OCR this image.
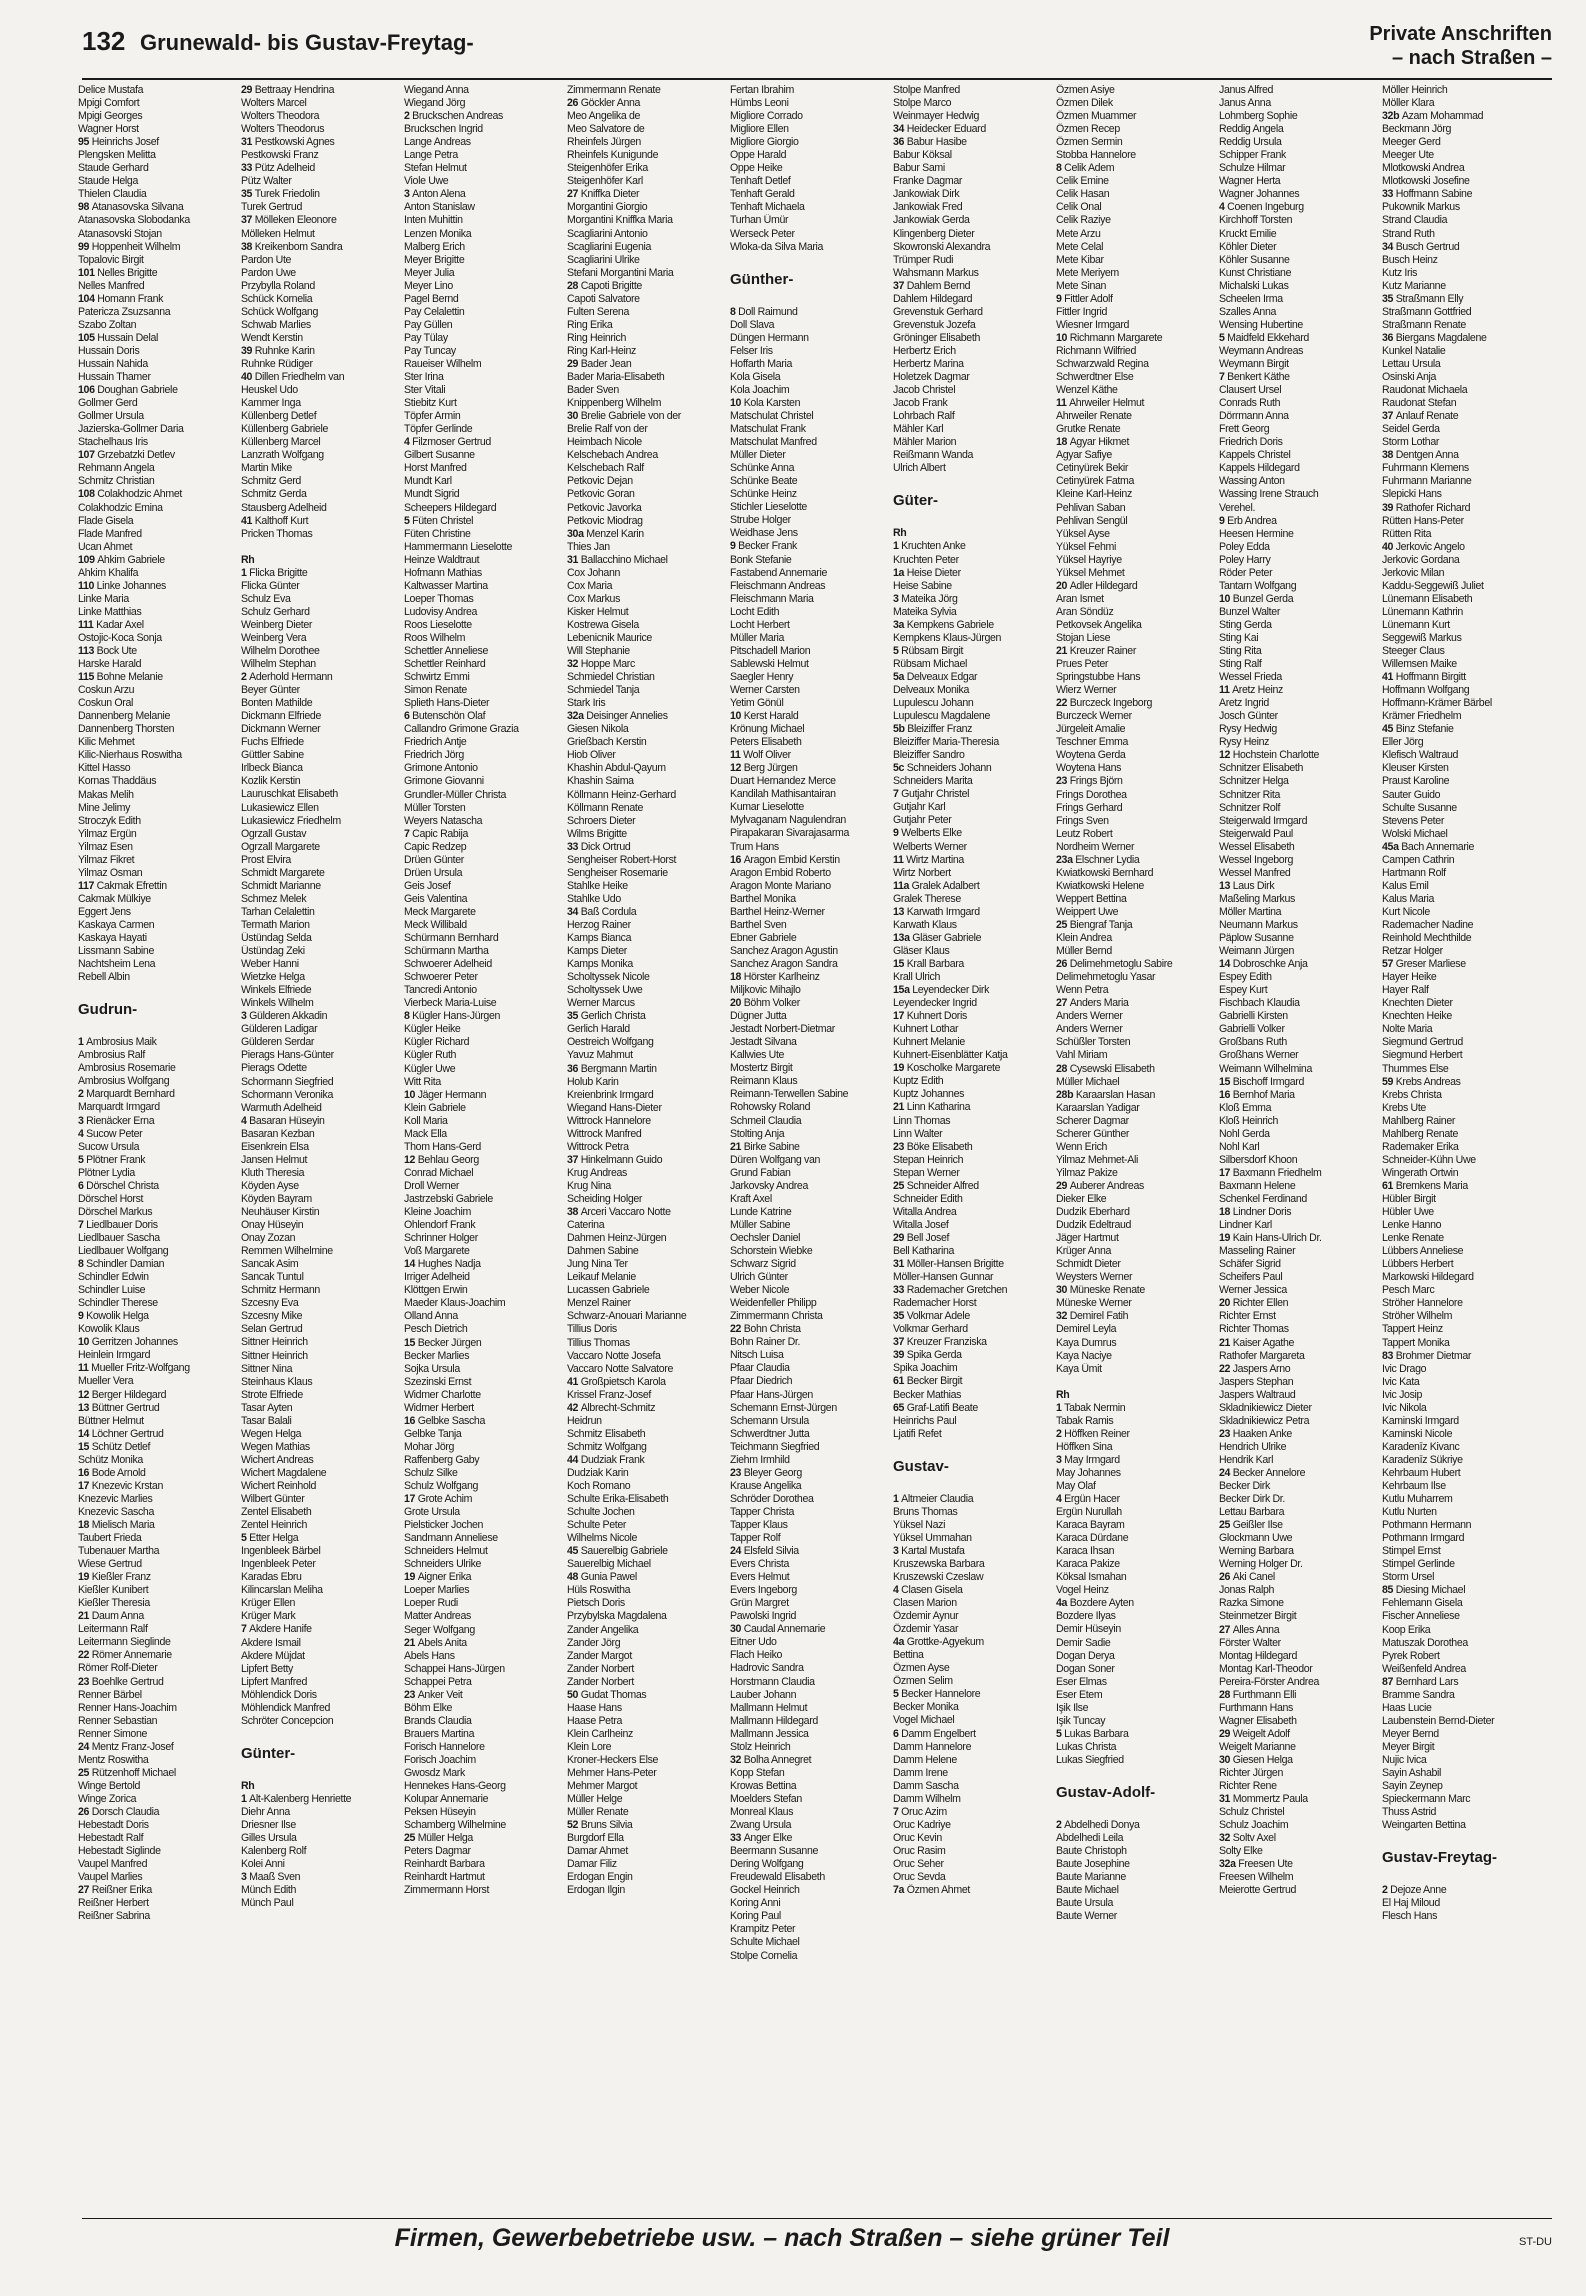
132 Grunewald- bis Gustav-Freytag-	Private Anschriften
– nach Straßen –
Delice Mustafa
Mpigi Comfort
Mpigi Georges
Wagner Horst
95 Heinrichs Josef
Plengsken Melitta
Staude Gerhard
Staude Helga
Thielen Claudia
98 Atanasovska Silvana
Atanasovska Slobodanka
Atanasovski Stojan
99 Hoppenheit Wilhelm
Topalovic Birgit
101 Nelles Brigitte
Nelles Manfred
104 Homann Frank
Patericza Zsuzsanna
Szabo Zoltan
105 Hussain Delal
Hussain Doris
Hussain Nahida
Hussain Thamer
106 Doughan Gabriele
Gollmer Gerd
Gollmer Ursula
Jazierska-Gollmer Daria
Stachelhaus Iris
107 Grzebatzki Detlev
Rehmann Angela
Schmitz Christian
108 Colakhodzic Ahmet
Colakhodzic Emina
Flade Gisela
Flade Manfred
Ucan Ahmet
109 Ahkim Gabriele
Ahkim Khalifa
110 Linke Johannes
Linke Maria
Linke Matthias
111 Kadar Axel
Ostojic-Koca Sonja
113 Bock Ute
Harske Harald
115 Bohne Melanie
Coskun Arzu
Coskun Oral
Dannenberg Melanie
Dannenberg Thorsten
Kilic Mehmet
Kilic-Nierhaus Roswitha
Kittel Hasso
Kornas Thaddäus
Makas Melih
Mine Jelimy
Stroczyk Edith
Yilmaz Ergün
Yilmaz Esen
Yilmaz Fikret
Yilmaz Osman
117 Cakmak Efrettin
Cakmak Mülkiye
Eggert Jens
Kaskaya Carmen
Kaskaya Hayati
Lissmann Sabine
Nachtsheim Lena
Rebell Albin
Gudrun-
1 Ambrosius Maik
Ambrosius Ralf
Ambrosius Rosemarie
Ambrosius Wolfgang
2 Marquardt Bernhard
Marquardt Irmgard
3 Rienäcker Erna
4 Sucow Peter
Sucow Ursula
5 Plötner Frank
Plötner Lydia
6 Dörschel Christa
Dörschel Horst
Dörschel Markus
7 Liedlbauer Doris
Liedlbauer Sascha
Liedlbauer Wolfgang
8 Schindler Damian
Schindler Edwin
Schindler Luise
Schindler Therese
9 Kowolik Helga
Kowolik Klaus
10 Gerritzen Johannes
Heinlein Irmgard
11 Mueller Fritz-Wolfgang
Mueller Vera
12 Berger Hildegard
13 Büttner Gertrud
Büttner Helmut
14 Löchner Gertrud
15 Schütz Detlef
Schütz Monika
16 Bode Arnold
17 Knezevic Krstan
Knezevic Marlies
Knezevic Sascha
18 Mielisch Maria
Taubert Frieda
Tubenauer Martha
Wiese Gertrud
19 Kießler Franz
Kießler Kunibert
Kießler Theresia
21 Daum Anna
Leitermann Ralf
Leitermann Sieglinde
22 Römer Annemarie
Römer Rolf-Dieter
23 Boehlke Gertrud
Renner Bärbel
Renner Hans-Joachim
Renner Sebastian
Renner Simone
24 Mentz Franz-Josef
Mentz Roswitha
25 Rützenhoff Michael
Winge Bertold
Winge Zorica
26 Dorsch Claudia
Hebestadt Doris
Hebestadt Ralf
Hebestadt Siglinde
Vaupel Manfred
Vaupel Marlies
27 Reißner Erika
Reißner Herbert
Reißner Sabrina
29 Bettraay Hendrina
Wolters Marcel
Wolters Theodora
Wolters Theodorus
31 Pestkowski Agnes
Pestkowski Franz
33 Pütz Adelheid
Pütz Walter
35 Turek Friedolin
Turek Gertrud
37 Mölleken Eleonore
Mölleken Helmut
38 Kreikenbom Sandra
Pardon Ute
Pardon Uwe
Przybylla Roland
Schück Kornelia
Schück Wolfgang
Schwab Marlies
Wendt Kerstin
39 Ruhnke Karin
Ruhnke Rüdiger
40 Dillen Friedhelm van
Heuskel Udo
Kammer Inga
Küllenberg Detlef
Küllenberg Gabriele
Küllenberg Marcel
Lanzrath Wolfgang
Martin Mike
Schmitz Gerd
Schmitz Gerda
Stausberg Adelheid
41 Kalthoff Kurt
Pricken Thomas
Rh
1 Flicka Brigitte
Flicka Günter
Schulz Eva
Schulz Gerhard
Weinberg Dieter
Weinberg Vera
Wilhelm Dorothee
Wilhelm Stephan
2 Aderhold Hermann
Beyer Günter
Bonten Mathilde
Dickmann Elfriede
Dickmann Werner
Fuchs Elfriede
Güttler Sabine
Irlbeck Bianca
Kozlik Kerstin
Lauruschkat Elisabeth
Lukasiewicz Ellen
Lukasiewicz Friedhelm
Ogrzall Gustav
Ogrzall Margarete
Prost Elvira
Schmidt Margarete
Schmidt Marianne
Schmez Melek
Tarhan Celalettin
Termath Marion
Üstündag Selda
Üstündag Zeki
Weber Hanni
Wietzke Helga
Winkels Elfriede
Winkels Wilhelm
3 Gülderen Akkadin
Gülderen Ladigar
Gülderen Serdar
Pierags Hans-Günter
Pierags Odette
Schormann Siegfried
Schormann Veronika
Warmuth Adelheid
4 Basaran Hüseyin
Basaran Kezban
Eisenkrein Elsa
Jansen Helmut
Kluth Theresia
Köyden Ayse
Köyden Bayram
Neuhäuser Kirstin
Onay Hüseyin
Onay Zozan
Remmen Wilhelmine
Sancak Asim
Sancak Tuntul
Schmitz Hermann
Szcesny Eva
Szcesny Mike
Selan Gertrud
Sittner Heinrich
Sittner Heinrich
Sittner Nina
Steinhaus Klaus
Strote Elfriede
Tasar Ayten
Tasar Balali
Wegen Helga
Wegen Mathias
Wichert Andreas
Wichert Magdalene
Wichert Reinhold
Wilbert Günter
Zentel Elisabeth
Zentel Heinrich
5 Etter Helga
Ingenbleek Bärbel
Ingenbleek Peter
Karadas Ebru
Kilincarslan Meliha
Krüger Ellen
Krüger Mark
7 Akdere Hanife
Akdere Ismail
Akdere Müjdat
Lipfert Betty
Lipfert Manfred
Möhlendick Doris
Möhlendick Manfred
Schröter Concepcion
Günter-
Rh
1 Alt-Kalenberg Henriette
Diehr Anna
Driesner Ilse
Gilles Ursula
Kalenberg Rolf
Kolei Anni
3 Maaß Sven
Münch Edith
Münch Paul
Wiegand Anna
Wiegand Jörg
2 Bruckschen Andreas
Bruckschen Ingrid
Lange Andreas
Lange Petra
Stefan Helmut
Viole Uwe
3 Anton Alena
Anton Stanislaw
Inten Muhittin
Lenzen Monika
Malberg Erich
Meyer Brigitte
Meyer Julia
Meyer Lino
Pagel Bernd
Pay Celalettin
Pay Güllen
Pay Tülay
Pay Tuncay
Raueiser Wilhelm
Ster Irina
Ster Vitali
Stiebitz Kurt
Töpfer Armin
Töpfer Gerlinde
4 Filzmoser Gertrud
Gilbert Susanne
Horst Manfred
Mundt Karl
Mundt Sigrid
Scheepers Hildegard
5 Füten Christel
Füten Christine
Hammermann Lieselotte
Heinze Waldtraut
Hofmann Mathias
Kaltwasser Martina
Loeper Thomas
Ludovisy Andrea
Roos Lieselotte
Roos Wilhelm
Schettler Anneliese
Schettler Reinhard
Schwirtz Emmi
Simon Renate
Splieth Hans-Dieter
6 Butenschön Olaf
Callandro Grimone Grazia
Friedrich Antje
Friedrich Jörg
Grimone Antonio
Grimone Giovanni
Grundler-Müller Christa
Müller Torsten
Weyers Natascha
7 Capic Rabija
Capic Redzep
Drüen Günter
Drüen Ursula
Geis Josef
Geis Valentina
Meck Margarete
Meck Willibald
Schürmann Bernhard
Schürmann Martha
Schwoerer Adelheid
Schwoerer Peter
Tancredi Antonio
Vierbeck Maria-Luise
8 Kügler Hans-Jürgen
Kügler Heike
Kügler Richard
Kügler Ruth
Kügler Uwe
Witt Rita
10 Jäger Hermann
Klein Gabriele
Koll Maria
Mack Ella
Thom Hans-Gerd
12 Behlau Georg
Conrad Michael
Droll Werner
Jastrzebski Gabriele
Kleine Joachim
Ohlendorf Frank
Schrinner Holger
Voß Margarete
14 Hughes Nadja
Irriger Adelheid
Klöttgen Erwin
Maeder Klaus-Joachim
Olland Anna
Pesch Dietrich
15 Becker Jürgen
Becker Marlies
Sojka Ursula
Szezinski Ernst
Widmer Charlotte
Widmer Herbert
16 Gelbke Sascha
Gelbke Tanja
Mohar Jörg
Raffenberg Gaby
Schulz Silke
Schulz Wolfgang
17 Grote Achim
Grote Ursula
Pielsticker Jochen
Sandmann Anneliese
Schneiders Helmut
Schneiders Ulrike
19 Aigner Erika
Loeper Marlies
Loeper Rudi
Matter Andreas
Seger Wolfgang
21 Abels Anita
Abels Hans
Schappei Hans-Jürgen
Schappei Petra
23 Anker Veit
Böhm Elke
Brands Claudia
Brauers Martina
Forisch Hannelore
Forisch Joachim
Gwosdz Mark
Hennekes Hans-Georg
Kolupar Annemarie
Peksen Hüseyin
Schamberg Wilhelmine
25 Müller Helga
Peters Dagmar
Reinhardt Barbara
Reinhardt Hartmut
Zimmermann Horst
Zimmermann Renate
26 Göckler Anna
Meo Angelika de
Meo Salvatore de
Rheinfels Jürgen
Rheinfels Kunigunde
Steigenhöfer Erika
Steigenhöfer Karl
27 Kniffka Dieter
Morgantini Giorgio
Morgantini Kniffka Maria
Scagliarini Antonio
Scagliarini Eugenia
Scagliarini Ulrike
Stefani Morgantini Maria
28 Capoti Brigitte
Capoti Salvatore
Fulten Serena
Ring Erika
Ring Heinrich
Ring Karl-Heinz
29 Bader Jean
Bader Maria-Elisabeth
Bader Sven
Knippenberg Wilhelm
30 Brelie Gabriele von der
Brelie Ralf von der
Heimbach Nicole
Kelschebach Andrea
Kelschebach Ralf
Petkovic Dejan
Petkovic Goran
Petkovic Javorka
Petkovic Miodrag
30a Menzel Karin
Thies Jan
31 Ballacchino Michael
Cox Johann
Cox Maria
Cox Markus
Kisker Helmut
Kostrewa Gisela
Lebenicnik Maurice
Will Stephanie
32 Hoppe Marc
Schmiedel Christian
Schmiedel Tanja
Stark Iris
32a Deisinger Annelies
Giesen Nikola
Grießbach Kerstin
Hiob Oliver
Khashin Abdul-Qayum
Khashin Saima
Köllmann Heinz-Gerhard
Köllmann Renate
Schroers Dieter
Wilms Brigitte
33 Dick Ortrud
Sengheiser Robert-Horst
Sengheiser Rosemarie
Stahlke Heike
Stahlke Udo
34 Baß Cordula
Herzog Rainer
Kamps Bianca
Kamps Dieter
Kamps Monika
Scholtyssek Nicole
Scholtyssek Uwe
Werner Marcus
35 Gerlich Christa
Gerlich Harald
Oestreich Wolfgang
Yavuz Mahmut
36 Bergmann Martin
Holub Karin
Kreienbrink Irmgard
Wiegand Hans-Dieter
Wittrock Hannelore
Wittrock Manfred
Wittrock Petra
37 Hinkelmann Guido
Krug Andreas
Krug Nina
Scheiding Holger
38 Arceri Vaccaro Notte
Caterina
Dahmen Heinz-Jürgen
Dahmen Sabine
Jung Nina Ter
Leikauf Melanie
Lucassen Gabriele
Menzel Rainer
Schwarz-Anouari Marianne
Tillius Doris
Tillius Thomas
Vaccaro Notte Josefa
Vaccaro Notte Salvatore
41 Großpietsch Karola
Krissel Franz-Josef
42 Albrecht-Schmitz
Heidrun
Schmitz Elisabeth
Schmitz Wolfgang
44 Dudziak Frank
Dudziak Karin
Koch Romano
Schulte Erika-Elisabeth
Schulte Jochen
Schulte Peter
Wilhelms Nicole
45 Sauerelbig Gabriele
Sauerelbig Michael
48 Gunia Pawel
Hüls Roswitha
Pietsch Doris
Przybylska Magdalena
Zander Angelika
Zander Jörg
Zander Margot
Zander Norbert
Zander Norbert
50 Gudat Thomas
Haase Hans
Haase Petra
Klein Carlheinz
Klein Lore
Kroner-Heckers Else
Mehmer Hans-Peter
Mehmer Margot
Müller Helge
Müller Renate
52 Bruns Silvia
Burgdorf Ella
Damar Ahmet
Damar Filiz
Erdogan Engin
Erdogan Ilgin
Fertan Ibrahim
Hümbs Leoni
Migliore Corrado
Migliore Ellen
Migliore Giorgio
Oppe Harald
Oppe Heike
Tenhaft Detlef
Tenhaft Gerald
Tenhaft Michaela
Turhan Ümür
Werseck Peter
Wloka-da Silva Maria
Günther-
8 Doll Raimund
Doll Slava
Düngen Hermann
Felser Iris
Hoffarth Maria
Kola Gisela
Kola Joachim
10 Kola Karsten
Matschulat Christel
Matschulat Frank
Matschulat Manfred
Müller Dieter
Schünke Anna
Schünke Beate
Schünke Heinz
Stichler Lieselotte
Strube Holger
Weidhase Jens
9 Becker Frank
Bonk Stefanie
Fastabend Annemarie
Fleischmann Andreas
Fleischmann Maria
Locht Edith
Locht Herbert
Müller Maria
Pitschadell Marion
Sablewski Helmut
Saegler Henry
Werner Carsten
Yetim Gönül
10 Kerst Harald
Krönung Michael
Peters Elisabeth
11 Wolf Oliver
12 Berg Jürgen
Duart Hernandez Merce
Kandilah Mathisantairan
Kumar Lieselotte
Mylvaganam Nagulendran
Pirapakaran Sivarajasarma
Trum Hans
16 Aragon Embid Kerstin
Aragon Embid Roberto
Aragon Monte Mariano
Barthel Monika
Barthel Heinz-Werner
Barthel Sven
Ebner Gabriele
Sanchez Aragon Agustin
Sanchez Aragon Sandra
18 Hörster Karlheinz
Miljkovic Mihajlo
20 Böhm Volker
Dügner Jutta
Jestadt Norbert-Dietmar
Jestadt Silvana
Kallwies Ute
Mostertz Birgit
Reimann Klaus
Reimann-Terwellen Sabine
Rohowsky Roland
Schmeil Claudia
Stolting Anja
21 Birke Sabine
Düren Wolfgang van
Grund Fabian
Jarkovsky Andrea
Kraft Axel
Lunde Katrine
Müller Sabine
Oechsler Daniel
Schorstein Wiebke
Schwarz Sigrid
Ulrich Günter
Weber Nicole
Weidenfeller Philipp
Zimmermann Christa
22 Bohn Christa
Bohn Rainer Dr.
Nitsch Luisa
Pfaar Claudia
Pfaar Diedrich
Pfaar Hans-Jürgen
Schemann Ernst-Jürgen
Schemann Ursula
Schwerdtner Jutta
Teichmann Siegfried
Ziehm Irmhild
23 Bleyer Georg
Krause Angelika
Schröder Dorothea
Tapper Christa
Tapper Klaus
Tapper Rolf
24 Elsfeld Silvia
Evers Christa
Evers Helmut
Evers Ingeborg
Grün Margret
Pawolski Ingrid
30 Caudal Annemarie
Eitner Udo
Flach Heiko
Hadrovic Sandra
Horstmann Claudia
Lauber Johann
Mallmann Helmut
Mallmann Hildegard
Mallmann Jessica
Stolz Heinrich
32 Bolha Annegret
Kopp Stefan
Krowas Bettina
Moelders Stefan
Monreal Klaus
Zwang Ursula
33 Anger Elke
Beermann Susanne
Dering Wolfgang
Freudewald Elisabeth
Gockel Heinrich
Koring Anni
Koring Paul
Krampitz Peter
Schulte Michael
Stolpe Cornelia
Stolpe Manfred
Stolpe Marco
Weinmayer Hedwig
34 Heidecker Eduard
36 Babur Hasibe
Babur Köksal
Babur Sami
Franke Dagmar
Jankowiak Dirk
Jankowiak Fred
Jankowiak Gerda
Klingenberg Dieter
Skowronski Alexandra
Trümper Rudi
Wahsmann Markus
37 Dahlem Bernd
Dahlem Hildegard
Grevenstuk Gerhard
Grevenstuk Jozefa
Gröninger Elisabeth
Herbertz Erich
Herbertz Marina
Holetzek Dagmar
Jacob Christel
Jacob Frank
Lohrbach Ralf
Mähler Karl
Mähler Marion
Reißmann Wanda
Ulrich Albert
Güter-
Rh
1 Kruchten Anke
Kruchten Peter
1a Heise Dieter
Heise Sabine
3 Mateika Jörg
Mateika Sylvia
3a Kempkens Gabriele
Kempkens Klaus-Jürgen
5 Rübsam Birgit
Rübsam Michael
5a Delveaux Edgar
Delveaux Monika
Lupulescu Johann
Lupulescu Magdalene
5b Bleiziffer Franz
Bleiziffer Maria-Theresia
Bleiziffer Sandro
5c Schneiders Johann
Schneiders Marita
7 Gutjahr Christel
Gutjahr Karl
Gutjahr Peter
9 Welberts Elke
Welberts Werner
11 Wirtz Martina
Wirtz Norbert
11a Gralek Adalbert
Gralek Therese
13 Karwath Irmgard
Karwath Klaus
13a Gläser Gabriele
Gläser Klaus
15 Krall Barbara
Krall Ulrich
15a Leyendecker Dirk
Leyendecker Ingrid
17 Kuhnert Doris
Kuhnert Lothar
Kuhnert Melanie
Kuhnert-Eisenblätter Katja
19 Koscholke Margarete
Kuptz Edith
Kuptz Johannes
21 Linn Katharina
Linn Thomas
Linn Walter
23 Böke Elisabeth
Stepan Heinrich
Stepan Werner
25 Schneider Alfred
Schneider Edith
Witalla Andrea
Witalla Josef
29 Bell Josef
Bell Katharina
31 Möller-Hansen Brigitte
Möller-Hansen Gunnar
33 Rademacher Gretchen
Rademacher Horst
35 Volkmar Adele
Volkmar Gerhard
37 Kreuzer Franziska
39 Spika Gerda
Spika Joachim
61 Becker Birgit
Becker Mathias
65 Graf-Latifi Beate
Heinrichs Paul
Ljatifi Refet
Gustav-
1 Altmeier Claudia
Bruns Thomas
Yüksel Nazi
Yüksel Ummahan
3 Kartal Mustafa
Kruszewska Barbara
Kruszewski Czeslaw
4 Clasen Gisela
Clasen Marion
Özdemir Aynur
Özdemir Yasar
4a Grottke-Agyekum
Bettina
Özmen Ayse
Özmen Selim
5 Becker Hannelore
Becker Monika
Vogel Michael
6 Damm Engelbert
Damm Hannelore
Damm Helene
Damm Irene
Damm Sascha
Damm Wilhelm
7 Oruc Azim
Oruc Kadriye
Oruc Kevin
Oruc Rasim
Oruc Seher
Oruc Sevda
7a Özmen Ahmet
Özmen Asiye
Özmen Dilek
Özmen Muammer
Özmen Recep
Özmen Sermin
Stobba Hannelore
8 Celik Adem
Celik Emine
Celik Hasan
Celik Onal
Celik Raziye
Mete Arzu
Mete Celal
Mete Kibar
Mete Meriyem
Mete Sinan
9 Fittler Adolf
Fittler Ingrid
Wiesner Irmgard
10 Richmann Margarete
Richmann Wilfried
Schwarzwald Regina
Schwerdtner Else
Wenzel Käthe
11 Ahrweiler Helmut
Ahrweiler Renate
Grutke Renate
18 Agyar Hikmet
Agyar Safiye
Cetinyürek Bekir
Cetinyürek Fatma
Kleine Karl-Heinz
Pehlivan Saban
Pehlivan Sengül
Yüksel Ayse
Yüksel Fehmi
Yüksel Hayriye
Yüksel Mehmet
20 Adler Hildegard
Aran Ismet
Aran Söndüz
Petkovsek Angelika
Stojan Liese
21 Kreuzer Rainer
Prues Peter
Springstubbe Hans
Wierz Werner
22 Burczeck Ingeborg
Burczeck Werner
Jürgeleit Amalie
Teschner Emma
Woytena Gerda
Woytena Hans
23 Frings Björn
Frings Dorothea
Frings Gerhard
Frings Sven
Leutz Robert
Nordheim Werner
23a Elschner Lydia
Kwiatkowski Bernhard
Kwiatkowski Helene
Weppert Bettina
Weippert Uwe
25 Biengraf Tanja
Klein Andrea
Müller Bernd
26 Delimehmetoglu Sabire
Delimehmetoglu Yasar
Wenn Petra
27 Anders Maria
Anders Werner
Anders Werner
Schüßler Torsten
Vahl Miriam
28 Cysewski Elisabeth
Müller Michael
28b Karaarslan Hasan
Karaarslan Yadigar
Scherer Dagmar
Scherer Günther
Wenn Erich
Yilmaz Mehmet-Ali
Yilmaz Pakize
29 Auberer Andreas
Dieker Elke
Dudzik Eberhard
Dudzik Edeltraud
Jäger Hartmut
Krüger Anna
Schmidt Dieter
Weysters Werner
30 Müneske Renate
Müneske Werner
32 Demirel Fatih
Demirel Leyla
Kaya Dumrus
Kaya Naciye
Kaya Ümit
Rh
1 Tabak Nermin
Tabak Ramis
2 Höffken Reiner
Höffken Sina
3 May Irmgard
May Johannes
May Olaf
4 Ergün Hacer
Ergün Nurullah
Karaca Bayram
Karaca Dürdane
Karaca Ihsan
Karaca Pakize
Köksal Ismahan
Vogel Heinz
4a Bozdere Ayten
Bozdere Ilyas
Demir Hüseyin
Demir Sadie
Dogan Derya
Dogan Soner
Eser Elmas
Eser Etem
Işik Ilse
Işik Tuncay
5 Lukas Barbara
Lukas Christa
Lukas Siegfried
Gustav-Adolf-
2 Abdelhedi Donya
Abdelhedi Leila
Baute Christoph
Baute Josephine
Baute Marianne
Baute Michael
Baute Ursula
Baute Werner
Janus Alfred
Janus Anna
Lohmberg Sophie
Reddig Angela
Reddig Ursula
Schipper Frank
Schulze Hilmar
Wagner Herta
Wagner Johannes
4 Coenen Ingeburg
Kirchhoff Torsten
Kruckt Emilie
Köhler Dieter
Köhler Susanne
Kunst Christiane
Michalski Lukas
Scheelen Irma
Szalles Anna
Wensing Hubertine
5 Maidfeld Ekkehard
Weymann Andreas
Weymann Birgit
7 Benkert Käthe
Clausert Ursel
Conrads Ruth
Dörrmann Anna
Frett Georg
Friedrich Doris
Kappels Christel
Kappels Hildegard
Wassing Anton
Wassing Irene Strauch
Verehel.
9 Erb Andrea
Heesen Hermine
Poley Edda
Poley Harry
Röder Peter
Tantarn Wolfgang
10 Bunzel Gerda
Bunzel Walter
Sting Gerda
Sting Kai
Sting Rita
Sting Ralf
Wessel Frieda
11 Aretz Heinz
Aretz Ingrid
Josch Günter
Rysy Hedwig
Rysy Heinz
12 Hochstein Charlotte
Schnitzer Elisabeth
Schnitzer Helga
Schnitzer Rita
Schnitzer Rolf
Steigerwald Irmgard
Steigerwald Paul
Wessel Elisabeth
Wessel Ingeborg
Wessel Manfred
13 Laus Dirk
Maßeling Markus
Möller Martina
Neumann Markus
Päplow Susanne
Weimann Jürgen
14 Dobroschke Anja
Espey Edith
Espey Kurt
Fischbach Klaudia
Gabrielli Kirsten
Gabrielli Volker
Großbans Ruth
Großhans Werner
Weimann Wilhelmina
15 Bischoff Irmgard
16 Bernhof Maria
Kloß Emma
Kloß Heinrich
Nohl Gerda
Nohl Karl
Silbersdorf Khoon
17 Baxmann Friedhelm
Baxmann Helene
Schenkel Ferdinand
18 Lindner Doris
Lindner Karl
19 Kain Hans-Ulrich Dr.
Masseling Rainer
Schäfer Sigrid
Scheifers Paul
Werner Jessica
20 Richter Ellen
Richter Ernst
Richter Thomas
21 Kaiser Agathe
Rathofer Margareta
22 Jaspers Arno
Jaspers Stephan
Jaspers Waltraud
Skladnikiewicz Dieter
Skladnikiewicz Petra
23 Haaken Anke
Hendrich Ulrike
Hendrik Karl
24 Becker Annelore
Becker Dirk
Becker Dirk Dr.
Lettau Barbara
25 Geißler Ilse
Glockmann Uwe
Werning Barbara
Werning Holger Dr.
26 Aki Canel
Jonas Ralph
Razka Simone
Steinmetzer Birgit
27 Alles Anna
Förster Walter
Montag Hildegard
Montag Karl-Theodor
Pereira-Förster Andrea
28 Furthmann Elli
Furthmann Hans
Wagner Elisabeth
29 Weigelt Adolf
Weigelt Marianne
30 Giesen Helga
Richter Jürgen
Richter Rene
31 Mommertz Paula
Schulz Christel
Schulz Joachim
32 Soltv Axel
Solty Elke
32a Freesen Ute
Freesen Wilhelm
Meierotte Gertrud
Möller Heinrich
Möller Klara
32b Azam Mohammad
Beckmann Jörg
Meeger Gerd
Meeger Ute
Mlotkowski Andrea
Mlotkowski Josefine
33 Hoffmann Sabine
Pukownik Markus
Strand Claudia
Strand Ruth
34 Busch Gertrud
Busch Heinz
Kutz Iris
Kutz Marianne
35 Straßmann Elly
Straßmann Gottfried
Straßmann Renate
36 Biergans Magdalene
Kunkel Natalie
Lettau Ursula
Osinski Anja
Raudonat Michaela
Raudonat Stefan
37 Anlauf Renate
Seidel Gerda
Storm Lothar
38 Dentgen Anna
Fuhrmann Klemens
Fuhrmann Marianne
Slepicki Hans
39 Rathofer Richard
Rütten Hans-Peter
Rütten Rita
40 Jerkovic Angelo
Jerkovic Gordana
Jerkovic Milan
Kaddu-Seggewiß Juliet
Lünemann Elisabeth
Lünemann Kathrin
Lünemann Kurt
Seggewiß Markus
Steeger Claus
Willemsen Maike
41 Hoffmann Birgitt
Hoffmann Wolfgang
Hoffmann-Krämer Bärbel
Krämer Friedhelm
45 Binz Stefanie
Eller Jörg
Klefisch Waltraud
Kleuser Kirsten
Praust Karoline
Sauter Guido
Schulte Susanne
Stevens Peter
Wolski Michael
45a Bach Annemarie
Campen Cathrin
Hartmann Rolf
Kalus Emil
Kalus Maria
Kurt Nicole
Rademacher Nadine
Reinhold Mechthilde
Retzar Holger
57 Greser Marliese
Hayer Heike
Hayer Ralf
Knechten Dieter
Knechten Heike
Nolte Maria
Siegmund Gertrud
Siegmund Herbert
Thummes Else
59 Krebs Andreas
Krebs Christa
Krebs Ute
Mahlberg Rainer
Mahlberg Renate
Rademaker Erika
Schneider-Kühn Uwe
Wingerath Ortwin
61 Bremkens Maria
Hübler Birgit
Hübler Uwe
Lenke Hanno
Lenke Renate
Lübbers Anneliese
Lübbers Herbert
Markowski Hildegard
Pesch Marc
Ströher Hannelore
Ströher Wilhelm
Tappert Heinz
Tappert Monika
83 Brohmer Dietmar
Ivic Drago
Ivic Kata
Ivic Josip
Ivic Nikola
Kaminski Irmgard
Kaminski Nicole
Karadenīz Kivanc
Karadenīz Sükriye
Kehrbaum Hubert
Kehrbaum Ilse
Kutlu Muharrem
Kutlu Nurten
Pothmann Hermann
Pothmann Irmgard
Stimpel Ernst
Stimpel Gerlinde
Storm Ursel
85 Diesing Michael
Fehlemann Gisela
Fischer Anneliese
Koop Erika
Matuszak Dorothea
Pyrek Robert
Weißenfeld Andrea
87 Bernhard Lars
Bramme Sandra
Haas Lucie
Laubenstein Bernd-Dieter
Meyer Bernd
Meyer Birgit
Nujic Ivica
Sayin Ashabil
Sayin Zeynep
Spieckermann Marc
Thuss Astrid
Weingarten Bettina
Gustav-Freytag-
2 Dejoze Anne
El Haj Miloud
Flesch Hans
Firmen, Gewerbebetriebe usw. – nach Straßen – siehe grüner Teil	ST-DU
